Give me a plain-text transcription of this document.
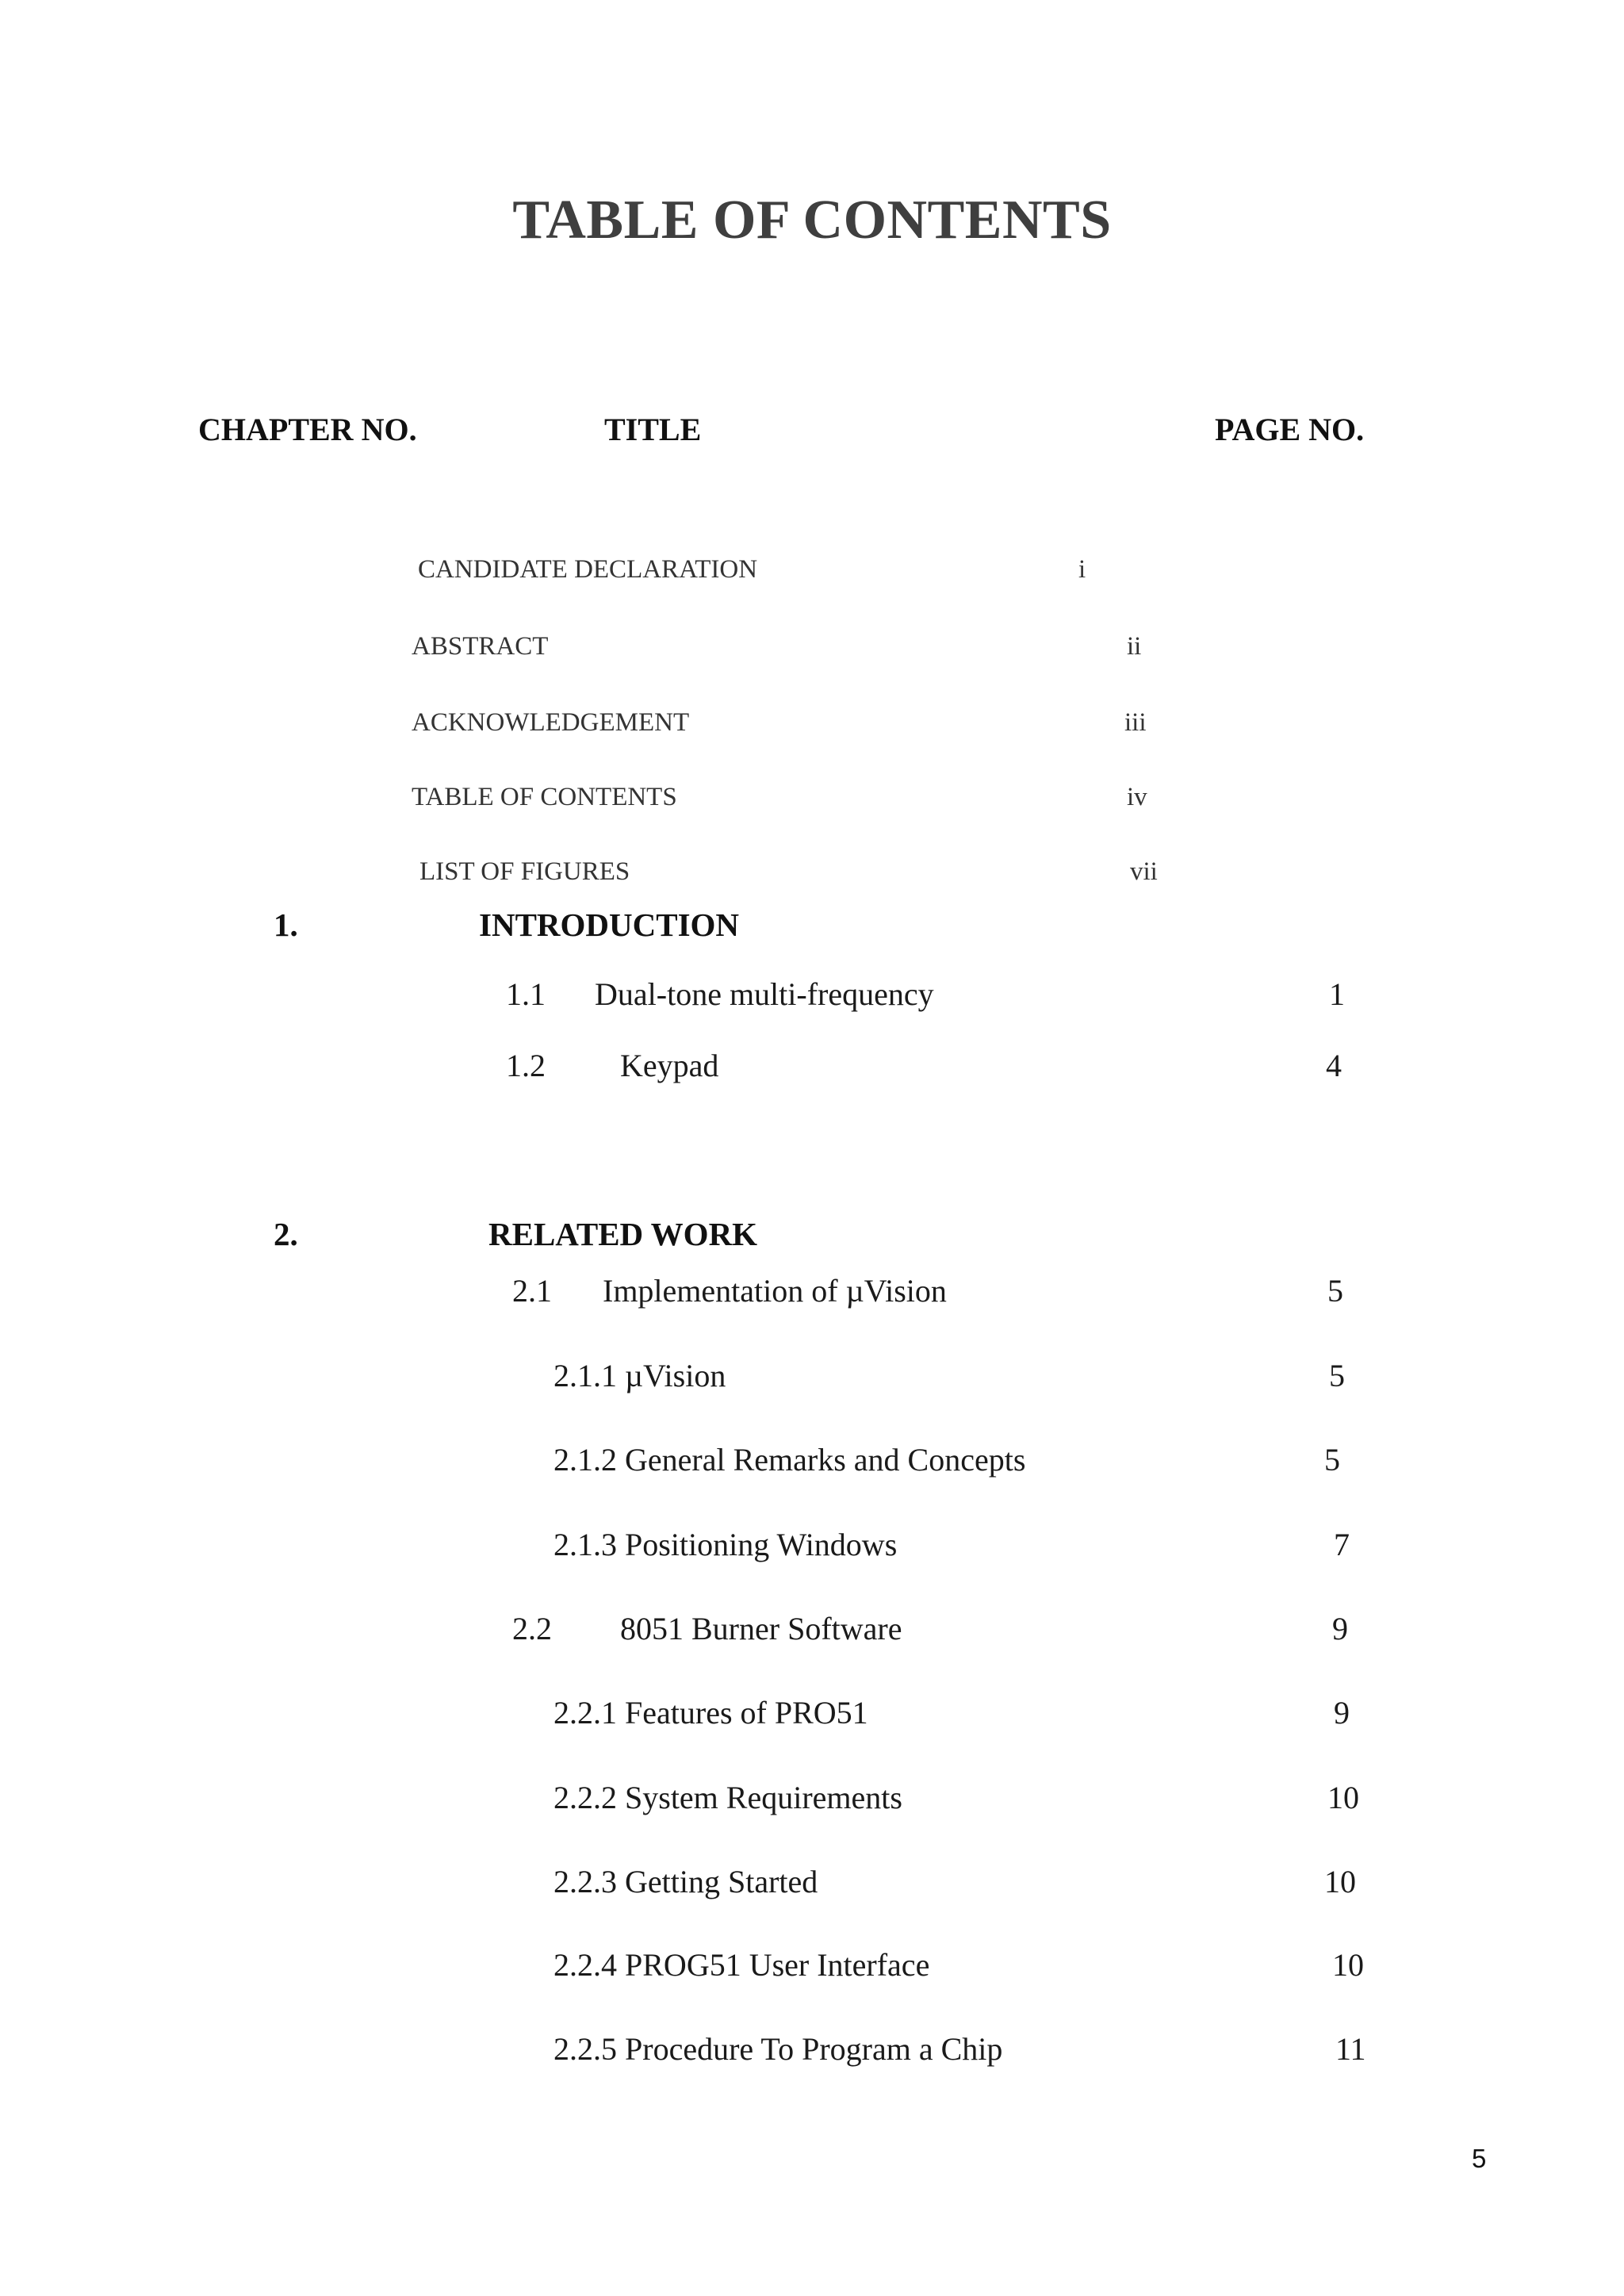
TABLE OF CONTENTS
CHAPTER NO.	TITLE	PAGE NO.
CANDIDATE DECLARATION	i
ABSTRACT	ii
ACKNOWLEDGEMENT	iii
TABLE OF CONTENTS	iv
LIST OF FIGURES	vii
1.	INTRODUCTION
1.1 Dual-tone multi-frequency	1
1.2 Keypad	4
2.	RELATED WORK
2.1 Implementation of µVision	5
2.1.1 µVision	5
2.1.2 General Remarks and Concepts	5
2.1.3 Positioning Windows	7
2.2 8051 Burner Software	9
2.2.1 Features of PRO51	9
2.2.2 System Requirements	10
2.2.3 Getting Started	10
2.2.4 PROG51 User Interface	10
2.2.5 Procedure To Program a Chip	11
5
